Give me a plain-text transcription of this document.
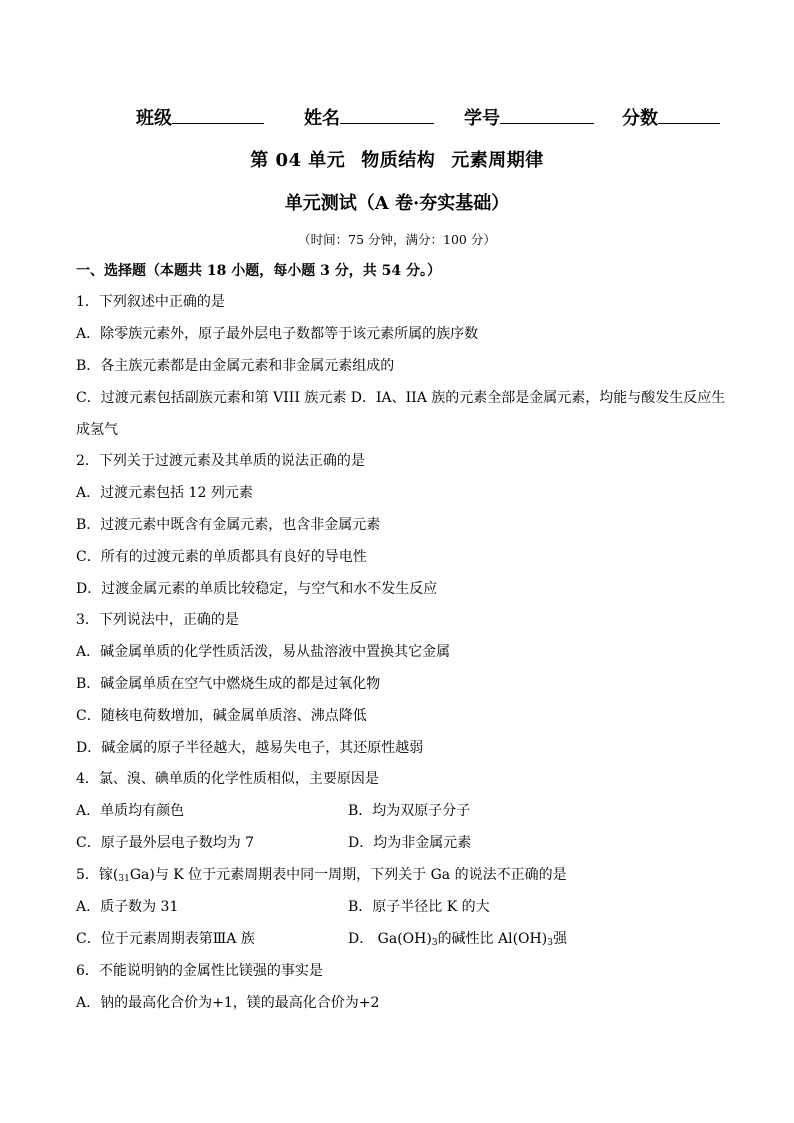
班级	姓名	学号	分数
第 04 单元 物质结构 元素周期律
单元测试（A 卷·夯实基础）
（时间：75 分钟，满分：100 分）
一、选择题（本题共 18 小题，每小题 3 分，共 54 分。）
1．下列叙述中正确的是
A．除零族元素外，原子最外层电子数都等于该元素所属的族序数
B．各主族元素都是由金属元素和非金属元素组成的
C．过渡元素包括副族元素和第 VIII 族元素 D．ⅠA、IIA 族的元素全部是金属元素，均能与酸发生反应生
成氢气
2．下列关于过渡元素及其单质的说法正确的是
A．过渡元素包括 12 列元素
B．过渡元素中既含有金属元素，也含非金属元素
C．所有的过渡元素的单质都具有良好的导电性
D．过渡金属元素的单质比较稳定，与空气和水不发生反应
3．下列说法中，正确的是
A．碱金属单质的化学性质活泼，易从盐溶液中置换其它金属
B．碱金属单质在空气中燃烧生成的都是过氧化物
C．随核电荷数增加，碱金属单质溶、沸点降低
D．碱金属的原子半径越大，越易失电子，其还原性越弱
4．氯、溴、碘单质的化学性质相似，主要原因是
A．单质均有颜色	B．均为双原子分子
C．原子最外层电子数均为 7	D．均为非金属元素
5．镓(31Ga)与 K 位于元素周期表中同一周期，下列关于 Ga 的说法不正确的是
A．质子数为 31	B．原子半径比 K 的大
C．位于元素周期表第ⅢA 族	D． $Ga(OH)_3$的碱性比 $Al(OH)_3$强
6．不能说明钠的金属性比镁强的事实是
A．钠的最高化合价为+1，镁的最高化合价为+2
